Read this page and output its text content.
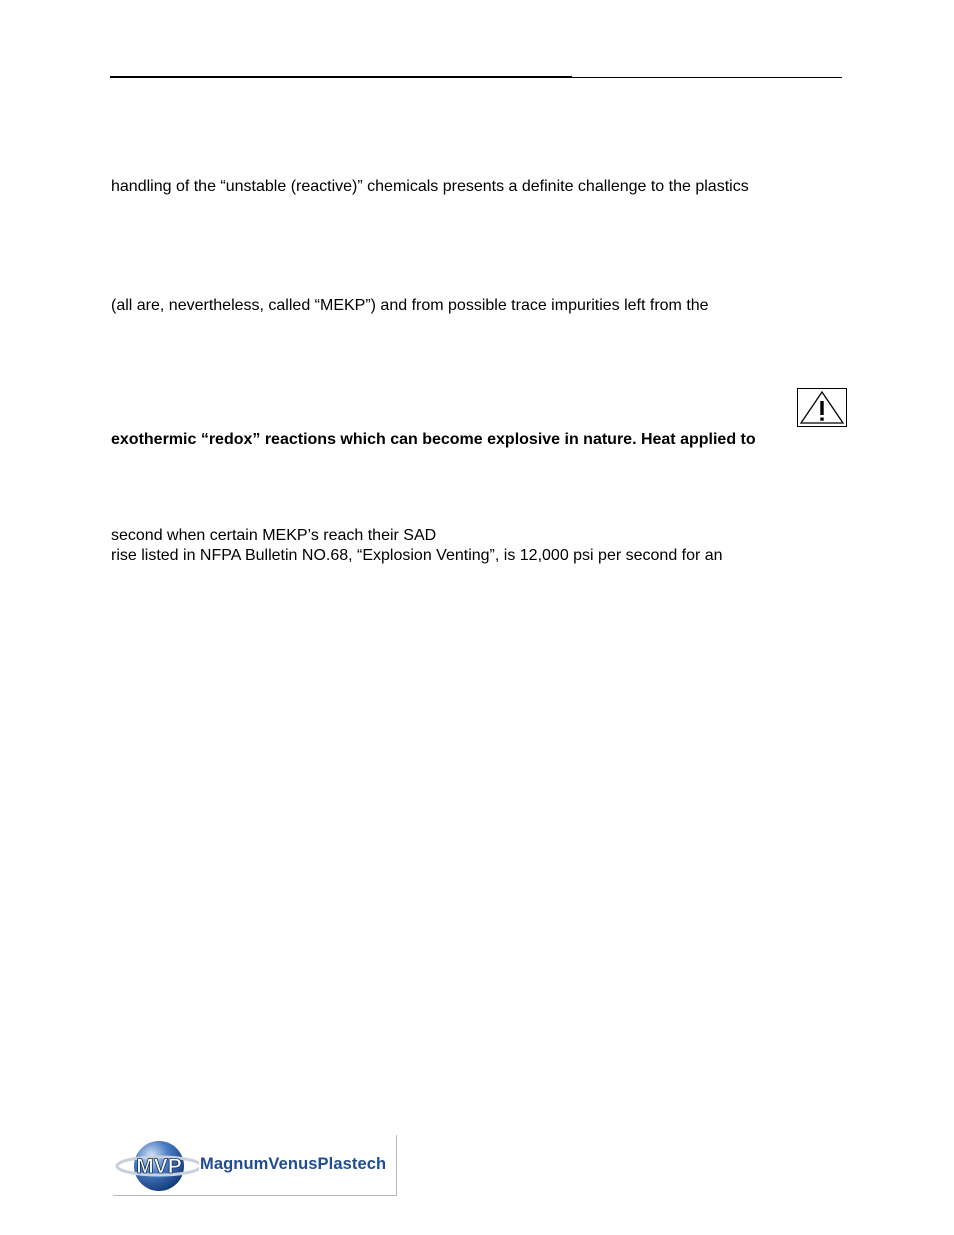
handling of the “unstable (reactive)” chemicals presents a definite challenge to the plastics
(all are, nevertheless, called “MEKP”) and from possible trace impurities left from the
exothermic “redox” reactions which can become explosive in nature. Heat applied to
second when certain MEKP’s reach their SAD
rise listed in NFPA Bulletin NO.68, “Explosion Venting”, is 12,000 psi per second for an
MVP MagnumVenusPlastech
